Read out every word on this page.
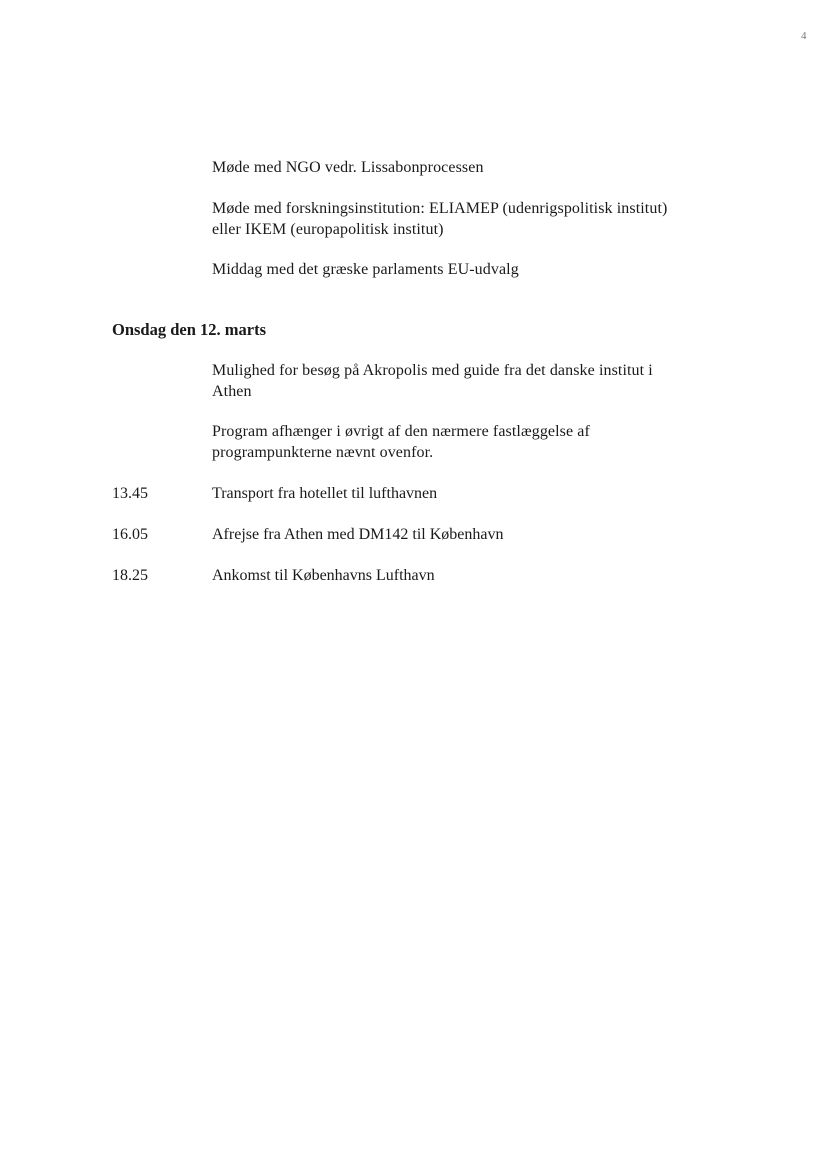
4
Møde med NGO vedr. Lissabonprocessen
Møde med forskningsinstitution: ELIAMEP (udenrigspolitisk institut)
eller IKEM (europapolitisk institut)
Middag med det græske parlaments EU-udvalg
Onsdag den 12. marts
Mulighed for besøg på Akropolis med guide fra det danske institut i
Athen
Program afhænger i øvrigt af den nærmere fastlæggelse af
programpunkterne nævnt ovenfor.
13.45	Transport fra hotellet til lufthavnen
16.05	Afrejse fra Athen med DM142 til København
18.25	Ankomst til Københavns Lufthavn
